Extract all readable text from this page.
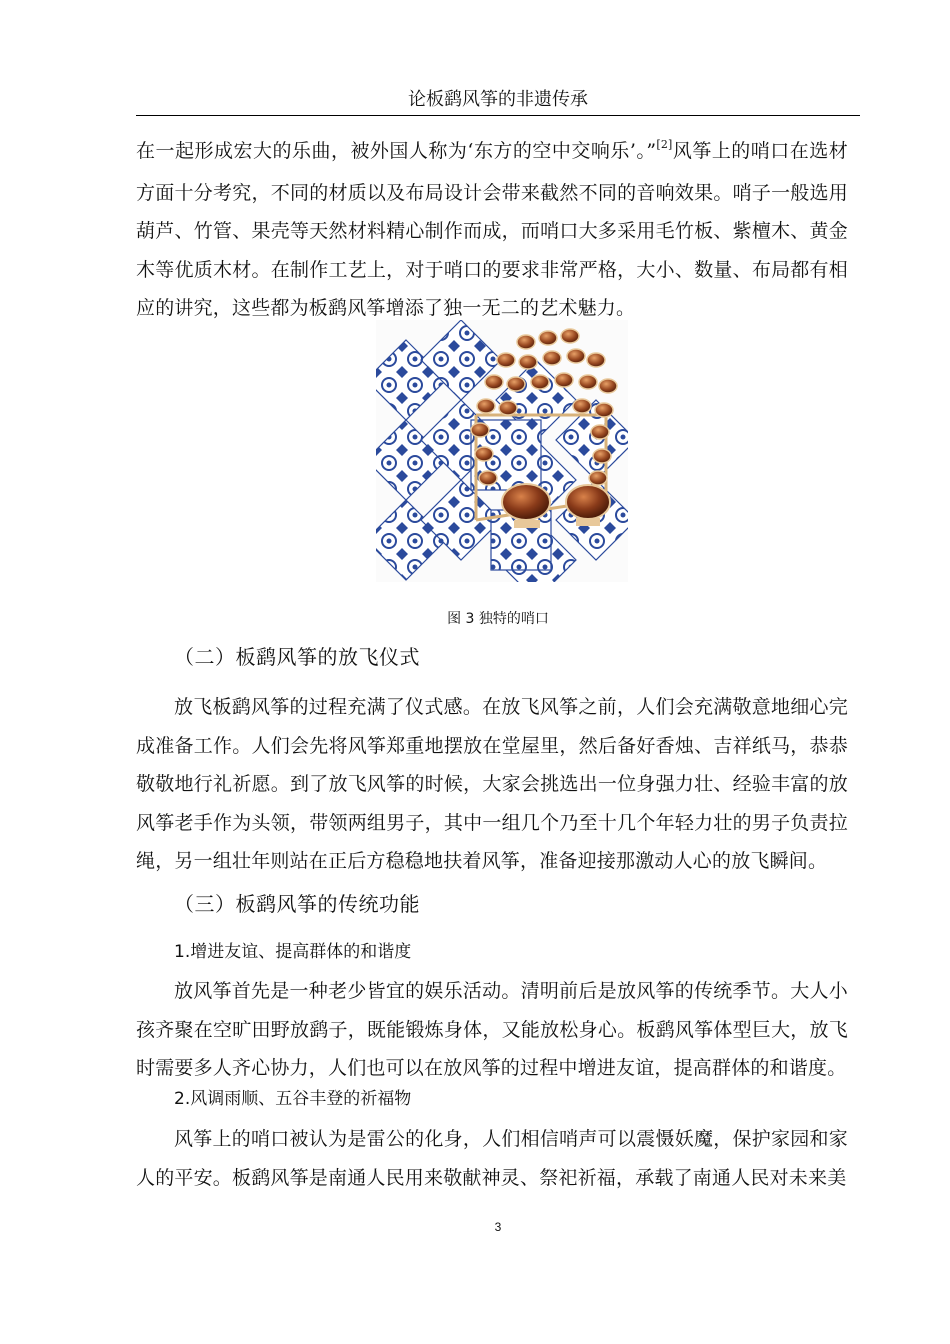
论板鹞风筝的非遗传承

在一起形成宏大的乐曲，被外国人称为‘东方的空中交响乐’。”[2]风筝上的哨口在选材方面十分考究，不同的材质以及布局设计会带来截然不同的音响效果。哨子一般选用葫芦、竹管、果壳等天然材料精心制作而成，而哨口大多采用毛竹板、紫檀木、黄金木等优质木材。在制作工艺上，对于哨口的要求非常严格，大小、数量、布局都有相应的讲究，这些都为板鹞风筝增添了独一无二的艺术魅力。

图 3 独特的哨口
（二）板鹞风筝的放飞仪式

放飞板鹞风筝的过程充满了仪式感。在放飞风筝之前，人们会充满敬意地细心完成准备工作。人们会先将风筝郑重地摆放在堂屋里，然后备好香烛、吉祥纸马，恭恭敬敬地行礼祈愿。到了放飞风筝的时候，大家会挑选出一位身强力壮、经验丰富的放风筝老手作为头领，带领两组男子，其中一组几个乃至十几个年轻力壮的男子负责拉绳，另一组壮年则站在正后方稳稳地扶着风筝，准备迎接那激动人心的放飞瞬间。

（三）板鹞风筝的传统功能
1.增进友谊、提高群体的和谐度

放风筝首先是一种老少皆宜的娱乐活动。清明前后是放风筝的传统季节。大人小孩齐聚在空旷田野放鹞子，既能锻炼身体，又能放松身心。板鹞风筝体型巨大，放飞时需要多人齐心协力，人们也可以在放风筝的过程中增进友谊，提高群体的和谐度。

2.风调雨顺、五谷丰登的祈福物

风筝上的哨口被认为是雷公的化身，人们相信哨声可以震慑妖魔，保护家园和家人的平安。板鹞风筝是南通人民用来敬献神灵、祭祀祈福，承载了南通人民对未来美

3
